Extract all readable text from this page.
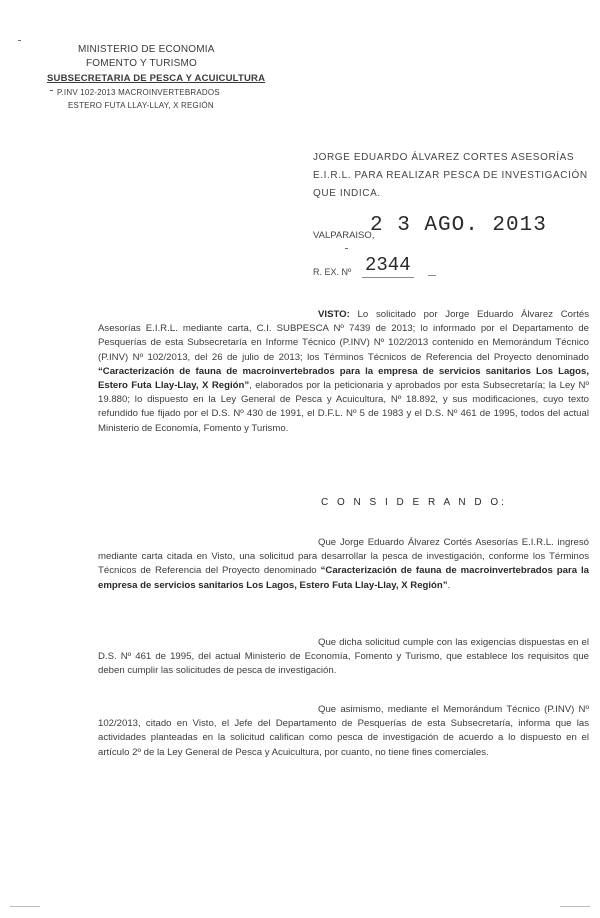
MINISTERIO DE ECONOMIA
FOMENTO Y TURISMO
SUBSECRETARIA DE PESCA Y ACUICULTURA
P.INV 102-2013 MACROINVERTEBRADOS
ESTERO FUTA LLAY-LLAY, X REGIÓN
JORGE EDUARDO ÁLVAREZ CORTES ASESORÍAS
E.I.R.L. PARA REALIZAR PESCA DE INVESTIGACIÓN
QUE INDICA.
VALPARAISO,
2 3 AGO. 2013
R. EX. Nº 2344
VISTO: Lo solicitado por Jorge Eduardo Álvarez Cortés Asesorías E.I.R.L. mediante carta, C.I. SUBPESCA Nº 7439 de 2013; lo informado por el Departamento de Pesquerías de esta Subsecretaría en Informe Técnico (P.INV) Nº 102/2013 contenido en Memorándum Técnico (P.INV) Nº 102/2013, del 26 de julio de 2013; los Términos Técnicos de Referencia del Proyecto denominado “Caracterización de fauna de macroinvertebrados para la empresa de servicios sanitarios Los Lagos, Estero Futa Llay-Llay, X Región”, elaborados por la peticionaria y aprobados por esta Subsecretaría; la Ley Nº 19.880; lo dispuesto en la Ley General de Pesca y Acuicultura, Nº 18.892, y sus modificaciones, cuyo texto refundido fue fijado por el D.S. Nº 430 de 1991, el D.F.L. Nº 5 de 1983 y el D.S. Nº 461 de 1995, todos del actual Ministerio de Economía, Fomento y Turismo.
C O N S I D E R A N D O:
Que Jorge Eduardo Álvarez Cortés Asesorías E.I.R.L. ingresó mediante carta citada en Visto, una solicitud para desarrollar la pesca de investigación, conforme los Términos Técnicos de Referencia del Proyecto denominado “Caracterización de fauna de macroinvertebrados para la empresa de servicios sanitarios Los Lagos, Estero Futa Llay-Llay, X Región”.
Que dicha solicitud cumple con las exigencias dispuestas en el D.S. Nº 461 de 1995, del actual Ministerio de Economía, Fomento y Turismo, que establece los requisitos que deben cumplir las solicitudes de pesca de investigación.
Que asimismo, mediante el Memorándum Técnico (P.INV) Nº 102/2013, citado en Visto, el Jefe del Departamento de Pesquerías de esta Subsecretaría, informa que las actividades planteadas en la solicitud califican como pesca de investigación de acuerdo a lo dispuesto en el artículo 2º de la Ley General de Pesca y Acuicultura, por cuanto, no tiene fines comerciales.
